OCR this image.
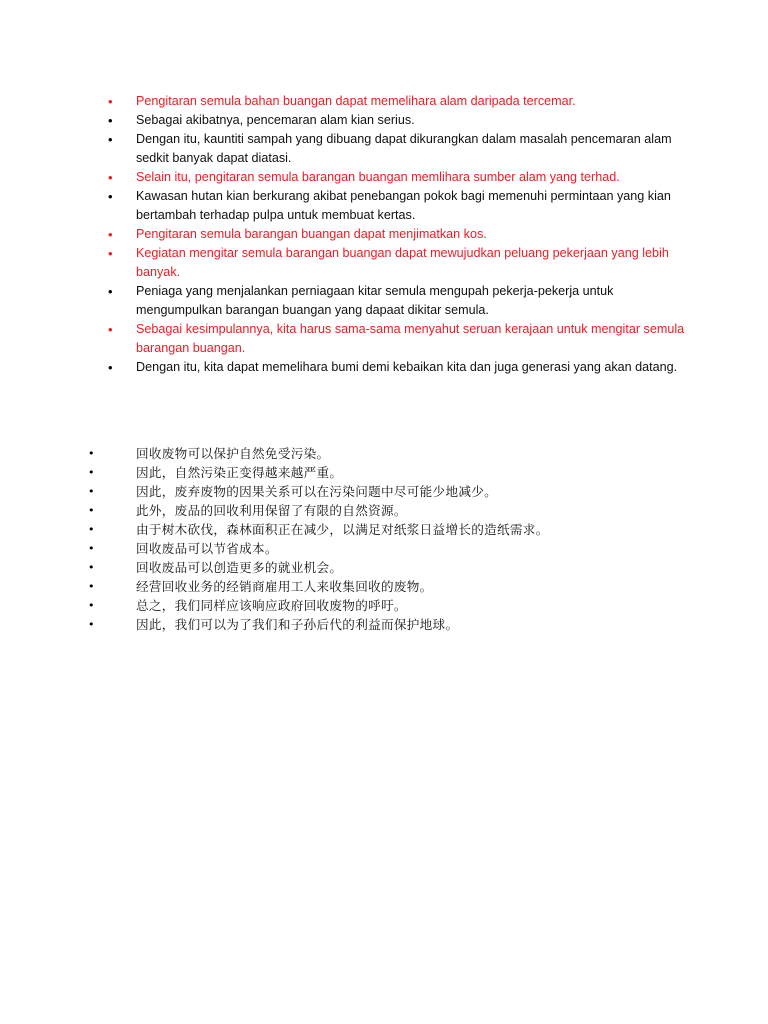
•	Pengitaran semula bahan buangan dapat memelihara alam daripada tercemar.
•	Sebagai akibatnya, pencemaran alam kian serius.
•	Dengan itu, kauntiti sampah yang dibuang dapat dikurangkan dalam masalah pencemaran alam sedkit banyak dapat diatasi.
•	Selain itu, pengitaran semula barangan buangan memlihara sumber alam yang terhad.
•	Kawasan hutan kian berkurang akibat penebangan pokok bagi memenuhi permintaan yang kian bertambah terhadap pulpa untuk membuat kertas.
•	Pengitaran semula barangan buangan dapat menjimatkan kos.
•	Kegiatan mengitar semula barangan buangan dapat mewujudkan peluang pekerjaan yang lebih banyak.
•	Peniaga yang menjalankan perniagaan kitar semula mengupah pekerja-pekerja untuk mengumpulkan barangan buangan yang dapaat dikitar semula.
•	Sebagai kesimpulannya, kita harus sama-sama menyahut seruan kerajaan untuk mengitar semula barangan buangan.
•	Dengan itu, kita dapat memelihara bumi demi kebaikan kita dan juga generasi yang akan datang.
•	回收废物可以保护自然免受污染。
•	因此，自然污染正变得越来越严重。
•	因此，废弃废物的因果关系可以在污染问题中尽可能少地减少。
•	此外，废品的回收利用保留了有限的自然资源。
•	由于树木砍伐，森林面积正在减少，以满足对纸浆日益增长的造纸需求。
•	回收废品可以节省成本。
•	回收废品可以创造更多的就业机会。
•	经营回收业务的经销商雇用工人来收集回收的废物。
•	总之，我们同样应该响应政府回收废物的呼吁。
•	因此，我们可以为了我们和子孙后代的利益而保护地球。
